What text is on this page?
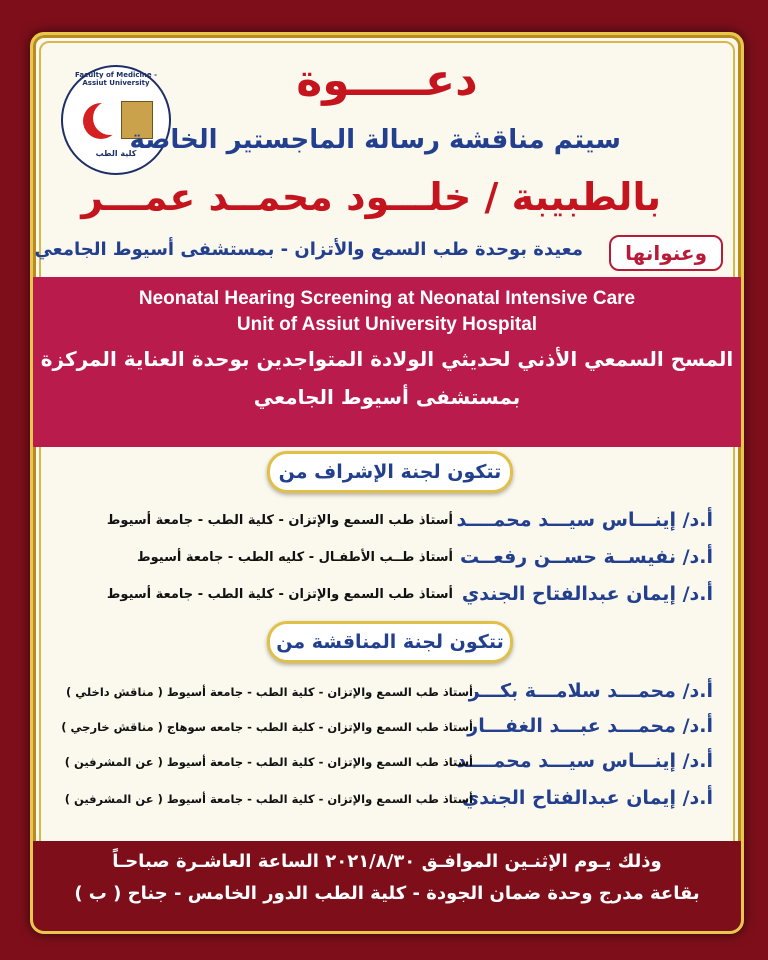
Faculty of Medicine - Assiut University
كلية الطب
دعـــــوة
سيتم مناقشة رسالة الماجستير الخاصة
بالطبيبة / خلـــود محمــد عمـــر
وعنوانها
معيدة بوحدة طب السمع والأتزان - بمستشفى أسيوط الجامعي
Neonatal Hearing Screening at Neonatal Intensive Care
Unit of Assiut University Hospital
المسح السمعي الأذني لحديثي الولادة المتواجدين بوحدة العناية المركزة
بمستشفى أسيوط الجامعي
تتكون لجنة الإشراف من
أ.د/ إينـــاس سيـــد محمــــد
أستاذ طب السمع والإتزان - كلية الطب - جامعة أسيوط
أ.د/ نفيســة حســن رفعــت
أستاذ طــب الأطفـال - كليه الطب - جامعة أسيوط
أ.د/ إيمان عبدالفتاح الجندي
أستاذ طب السمع والإتزان - كلية الطب - جامعة أسيوط
تتكون لجنة المناقشة من
أ.د/ محمـــد سلامـــة بكـــر
أستاذ طب السمع والإتزان - كلية الطب - جامعة أسيوط ( مناقش داخلي )
أ.د/ محمـــد عبـــد الغفـــار
أستاذ طب السمع والإتزان - كلية الطب - جامعه سوهاج ( مناقش خارجي )
أ.د/ إينـــاس سيـــد محمــــد
أستاذ طب السمع والإتزان - كلية الطب - جامعة أسيوط ( عن المشرفين )
أ.د/ إيمان عبدالفتاح الجندي
أستاذ طب السمع والإتزان - كلية الطب - جامعة أسيوط ( عن المشرفين )
وذلك يـوم الإثنـين الموافـق ٢٠٢١/٨/٣٠ الساعة العاشـرة صباحـاً
بقاعة مدرج وحدة ضمان الجودة - كلية الطب الدور الخامس - جناح ( ب )
